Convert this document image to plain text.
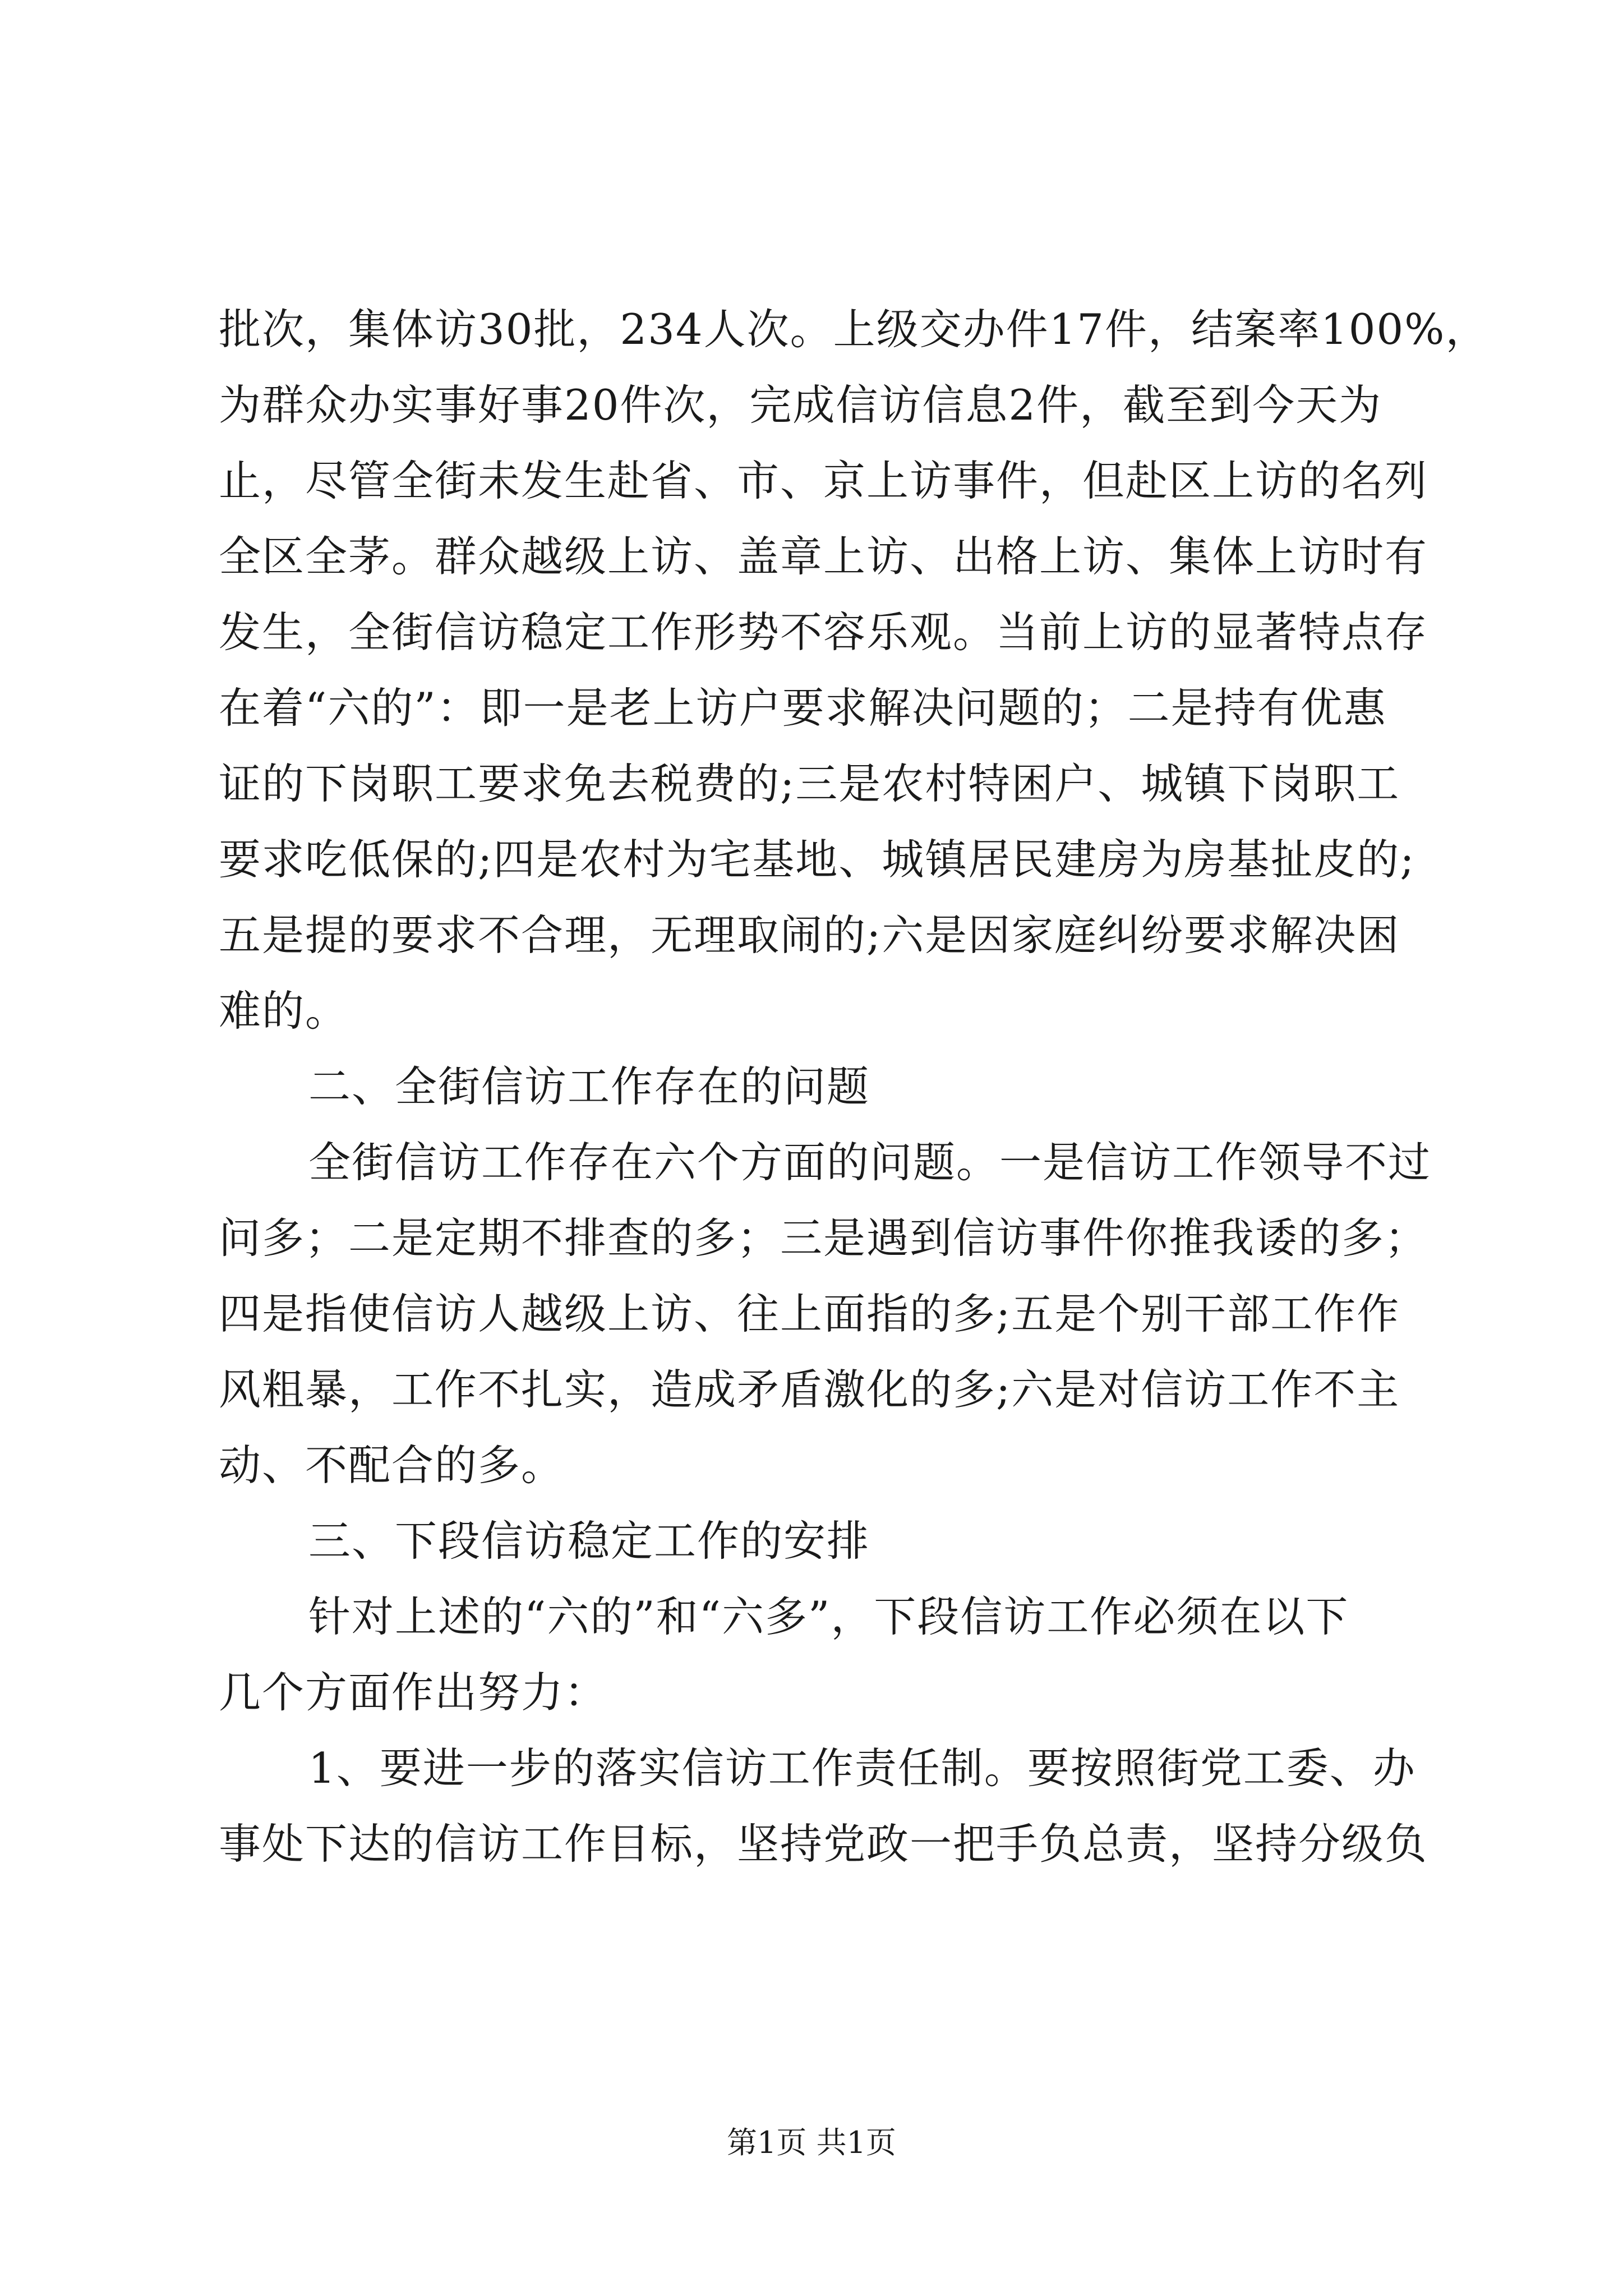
批次，集体访30批，234人次。上级交办件17件，结案率100%，
为群众办实事好事20件次，完成信访信息2件，截至到今天为
止，尽管全街未发生赴省、市、京上访事件，但赴区上访的名列
全区全茅。群众越级上访、盖章上访、出格上访、集体上访时有
发生，全街信访稳定工作形势不容乐观。当前上访的显著特点存
在着“六的”：即一是老上访户要求解决问题的；二是持有优惠
证的下岗职工要求免去税费的;三是农村特困户、城镇下岗职工
要求吃低保的;四是农村为宅基地、城镇居民建房为房基扯皮的;
五是提的要求不合理，无理取闹的;六是因家庭纠纷要求解决困
难的。
二、全街信访工作存在的问题
全街信访工作存在六个方面的问题。一是信访工作领导不过
问多；二是定期不排查的多；三是遇到信访事件你推我诿的多；
四是指使信访人越级上访、往上面指的多;五是个别干部工作作
风粗暴，工作不扎实，造成矛盾激化的多;六是对信访工作不主
动、不配合的多。
三、下段信访稳定工作的安排
针对上述的“六的”和“六多”，下段信访工作必须在以下
几个方面作出努力：
1、要进一步的落实信访工作责任制。要按照街党工委、办
事处下达的信访工作目标，坚持党政一把手负总责，坚持分级负
第1页 共1页
